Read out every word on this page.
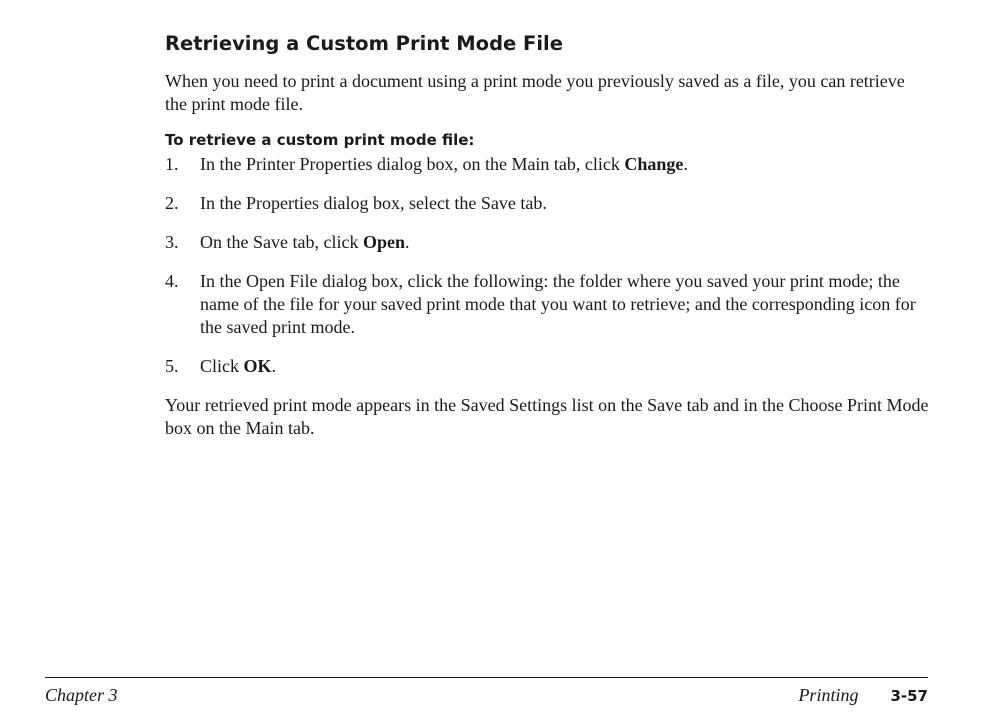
Retrieving a Custom Print Mode File

When you need to print a document using a print mode you previously saved as a file, you can retrieve the print mode file.

To retrieve a custom print mode file:
1. In the Printer Properties dialog box, on the Main tab, click Change.
2. In the Properties dialog box, select the Save tab.
3. On the Save tab, click Open.
4. In the Open File dialog box, click the following: the folder where you saved your print mode; the name of the file for your saved print mode that you want to retrieve; and the corresponding icon for the saved print mode.
5. Click OK.

Your retrieved print mode appears in the Saved Settings list on the Save tab and in the Choose Print Mode box on the Main tab.

Chapter 3	Printing 3-57
